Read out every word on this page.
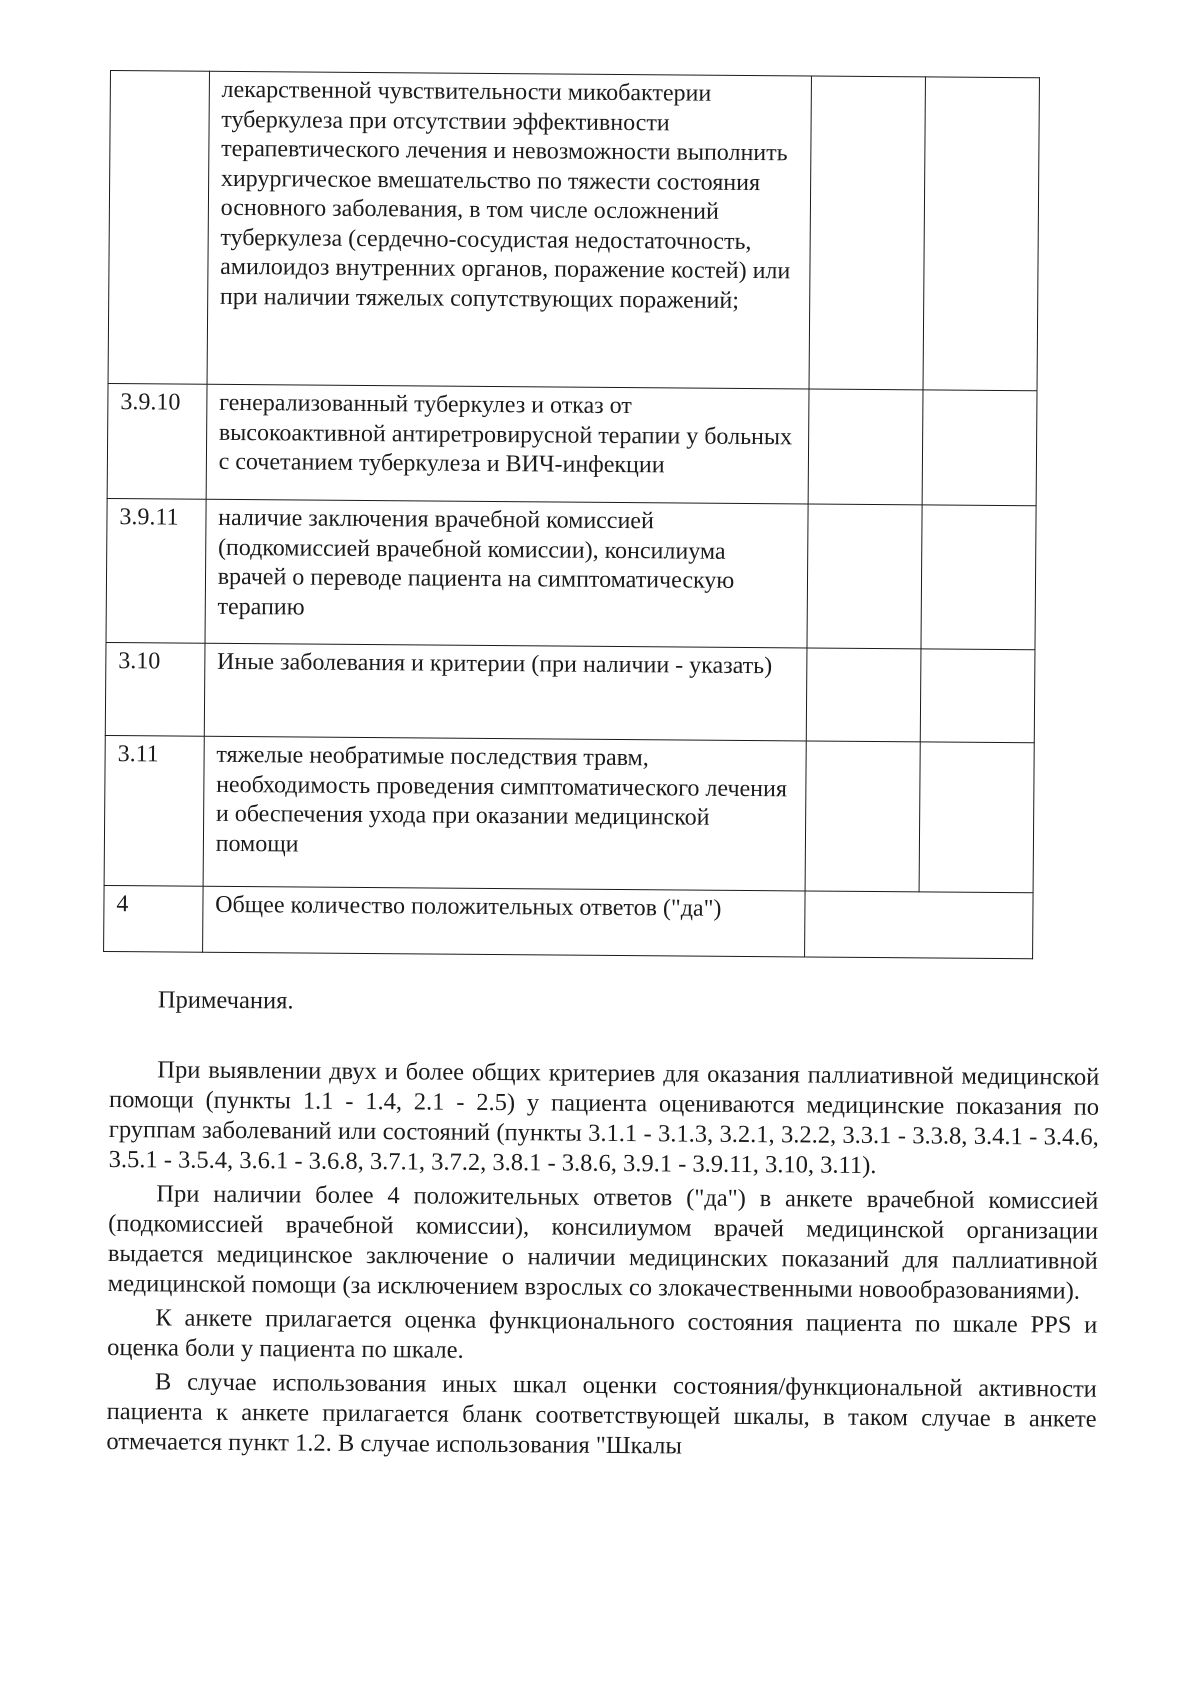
	лекарственной чувствительности микобактерии туберкулеза при отсутствии эффективности терапевтического лечения и невозможности выполнить хирургическое вмешательство по тяжести состояния основного заболевания, в том числе осложнений туберкулеза (сердечно-сосудистая недостаточность, амилоидоз внутренних органов, поражение костей) или при наличии тяжелых сопутствующих поражений;		
3.9.10	генерализованный туберкулез и отказ от высокоактивной антиретровирусной терапии у больных с сочетанием туберкулеза и ВИЧ-инфекции		
3.9.11	наличие заключения врачебной комиссией (подкомиссией врачебной комиссии), консилиума врачей о переводе пациента на симптоматическую терапию		
3.10	Иные заболевания и критерии (при наличии - указать)		
3.11	тяжелые необратимые последствия травм, необходимость проведения симптоматического лечения и обеспечения ухода при оказании медицинской помощи		
4	Общее количество положительных ответов ("да")		

Примечания.

При выявлении двух и более общих критериев для оказания паллиативной медицинской помощи (пункты 1.1 - 1.4, 2.1 - 2.5) у пациента оцениваются медицинские показания по группам заболеваний или состояний (пункты 3.1.1 - 3.1.3, 3.2.1, 3.2.2, 3.3.1 - 3.3.8, 3.4.1 - 3.4.6, 3.5.1 - 3.5.4, 3.6.1 - 3.6.8, 3.7.1, 3.7.2, 3.8.1 - 3.8.6, 3.9.1 - 3.9.11, 3.10, 3.11).

При наличии более 4 положительных ответов ("да") в анкете врачебной комиссией (подкомиссией врачебной комиссии), консилиумом врачей медицинской организации выдается медицинское заключение о наличии медицинских показаний для паллиативной медицинской помощи (за исключением взрослых со злокачественными новообразованиями).

К анкете прилагается оценка функционального состояния пациента по шкале PPS и оценка боли у пациента по шкале.

В случае использования иных шкал оценки состояния/функциональной активности пациента к анкете прилагается бланк соответствующей шкалы, в таком случае в анкете отмечается пункт 1.2. В случае использования "Шкалы
